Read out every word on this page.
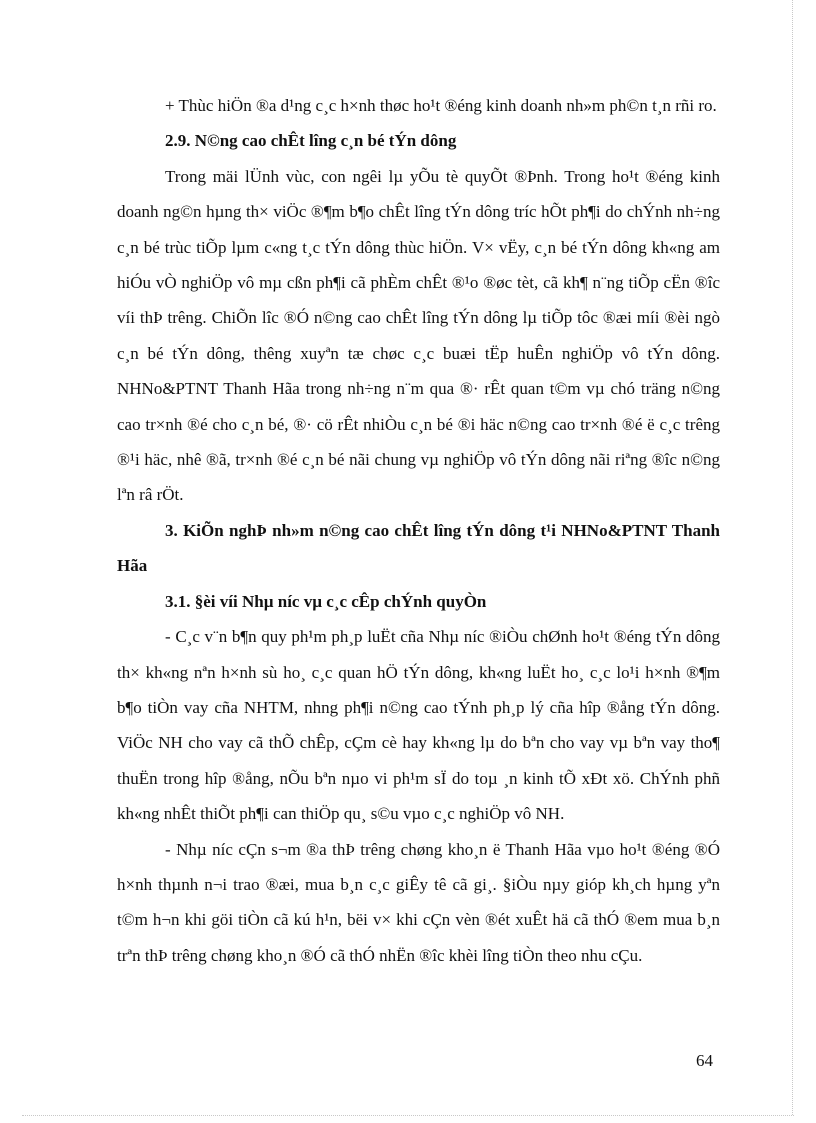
+ Thùc hiÖn ®a d¹ng c¸c h×nh thøc ho¹t ®éng kinh doanh nh»m ph©n t¸n rñi ro.

2.9. N©ng cao chÊt lîng c¸n bé tÝn dông

Trong mäi lÜnh vùc, con ngêi lµ yÕu tè quyÕt ®Þnh. Trong ho¹t ®éng kinh doanh ng©n hµng th× viÖc ®¶m b¶o chÊt lîng tÝn dông tríc hÕt ph¶i do chÝnh nh÷ng c¸n bé trùc tiÕp lµm c«ng t¸c tÝn dông thùc hiÖn. V× vËy, c¸n bé tÝn dông kh«ng am hiÓu vÒ nghiÖp vô mµ cßn ph¶i cã phÈm chÊt ®¹o ®øc tèt, cã kh¶ n¨ng tiÕp cËn ®îc víi thÞ trêng. ChiÕn lîc ®Ó n©ng cao chÊt lîng tÝn dông lµ tiÕp tôc ®æi míi ®èi ngò c¸n bé tÝn dông, thêng xuyªn tæ chøc c¸c buæi tËp huÊn nghiÖp vô tÝn dông. NHNo&PTNT Thanh Hãa trong nh÷ng n¨m qua ®· rÊt quan t©m vµ chó träng n©ng cao tr×nh ®é cho c¸n bé, ®· cö rÊt nhiÒu c¸n bé ®i häc n©ng cao tr×nh ®é ë c¸c trêng ®¹i häc, nhê ®ã, tr×nh ®é c¸n bé nãi chung vµ nghiÖp vô tÝn dông nãi riªng ®îc n©ng lªn râ rÖt.

3. KiÕn nghÞ nh»m n©ng cao chÊt lîng tÝn dông t¹i NHNo&PTNT Thanh Hãa

3.1. §èi víi Nhµ níc vµ c¸c cÊp chÝnh quyÒn

- C¸c v¨n b¶n quy ph¹m ph¸p luËt cña Nhµ níc ®iÒu chØnh ho¹t ®éng tÝn dông th× kh«ng nªn h×nh sù ho¸ c¸c quan hÖ tÝn dông, kh«ng luËt ho¸ c¸c lo¹i h×nh ®¶m b¶o tiÒn vay cña NHTM, nhng ph¶i n©ng cao tÝnh ph¸p lý cña hîp ®ång tÝn dông. ViÖc NH cho vay cã thÕ chÊp, cÇm cè hay kh«ng lµ do bªn cho vay vµ bªn vay tho¶ thuËn trong hîp ®ång, nÕu bªn nµo vi ph¹m sÏ do toµ ¸n kinh tÕ xÐt xö. ChÝnh phñ kh«ng nhÊt thiÕt ph¶i can thiÖp qu¸ s©u vµo c¸c nghiÖp vô NH.

- Nhµ níc cÇn s¬m ®a thÞ trêng chøng kho¸n ë Thanh Hãa vµo ho¹t ®éng ®Ó h×nh thµnh n¬i trao ®æi, mua b¸n c¸c giÊy tê cã gi¸. §iÒu nµy gióp kh¸ch hµng yªn t©m h¬n khi göi tiÒn cã kú h¹n, bëi v× khi cÇn vèn ®ét xuÊt hä cã thÓ ®em mua b¸n trªn thÞ trêng chøng kho¸n ®Ó cã thÓ nhËn ®îc khèi lîng tiÒn theo nhu cÇu.

64
